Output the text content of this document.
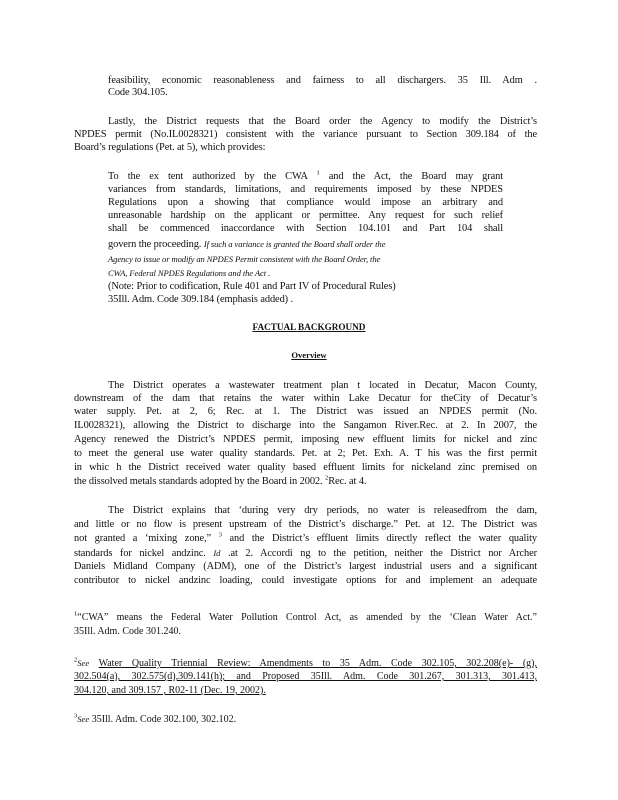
feasibility, economic reasonableness and fairness to all dischargers. 35 Ill. Adm .

Code 304.105.

Lastly, the District requests that the Board order the Agency to modify the District’s

NPDES permit (No.IL0028321) consistent with the variance pursuant to Section 309.184 of the

Board’s regulations (Pet. at 5), which provides:

To the ex tent authorized by the CWA $^1$ and the Act, the Board may grant

variances from standards, limitations, and requirements imposed by these NPDES

Regulations upon a showing that compliance would impose an arbitrary and

unreasonable hardship on the applicant or permittee. Any request for such relief

shall be commenced inaccordance with Section 104.101 and Part 104 shall

govern the proceeding. If such a variance is granted the Board shall order the

Agency to issue or modify an NPDES Permit consistent with the Board Order, the

CWA, Federal NPDES Regulations and the Act .

(Note: Prior to codification, Rule 401 and Part IV of Procedural Rules)

35Ill. Adm. Code 309.184 (emphasis added) .

FACTUAL BACKGROUND

Overview

The District operates a wastewater treatment plan t located in Decatur, Macon County,

downstream of the dam that retains the water within Lake Decatur for theCity of Decatur’s

water supply. Pet. at 2, 6; Rec. at 1. The District was issued an NPDES permit (No.

IL0028321), allowing the District to discharge into the Sangamon River.Rec. at 2. In 2007, the

Agency renewed the District’s NPDES permit, imposing new effluent limits for nickel and zinc

to meet the general use water quality standards. Pet. at 2; Pet. Exh. A. T his was the first permit

in whic h the District received water quality based effluent limits for nickeland zinc premised on

the dissolved metals standards adopted by the Board in 2002. $^2$Rec. at 4.

The District explains that ‘during very dry periods, no water is releasedfrom the dam,

and little or no flow is present upstream of the District’s discharge.” Pet. at 12. The District was

not granted a ‘mixing zone,” $^3$ and the District’s effluent limits directly reflect the water quality

standards for nickel andzinc. Id .at 2. Accordi ng to the petition, neither the District nor Archer

Daniels Midland Company (ADM), one of the District’s largest industrial users and a significant

contributor to nickel andzinc loading, could investigate options for and implement an adequate

$^1$“CWA” means the Federal Water Pollution Control Act, as amended by the ‘Clean Water Act.”

35Ill. Adm. Code 301.240.

$^2$See Water Quality Triennial Review: Amendments to 35 Adm. Code 302.105, 302.208(e)- (g),

302.504(a), 302.575(d),309.141(h); and Proposed 35Ill. Adm. Code 301.267, 301.313, 301.413,

304.120, and 309.157 , R02-11 (Dec. 19, 2002).

$^3$See 35Ill. Adm. Code 302.100, 302.102.
